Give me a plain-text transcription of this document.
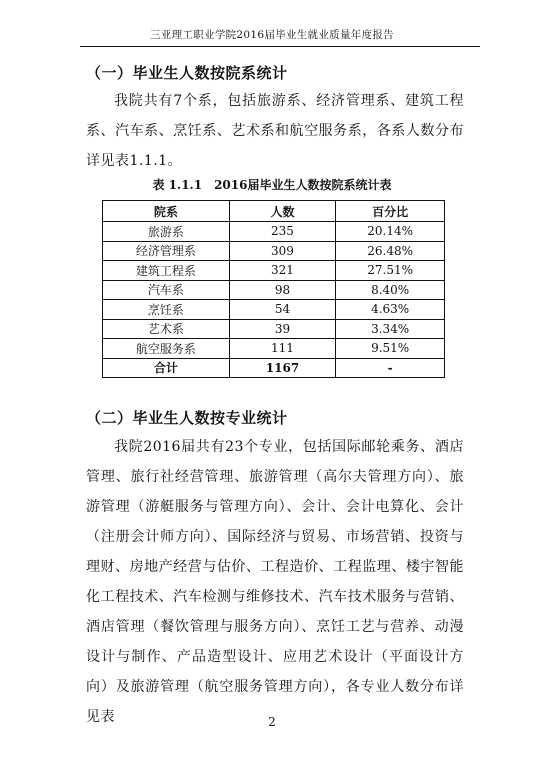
三亚理工职业学院2016届毕业生就业质量年度报告
（一）毕业生人数按院系统计

我院共有7个系，包括旅游系、经济管理系、建筑工程系、汽车系、烹饪系、艺术系和航空服务系，各系人数分布详见表1.1.1。

表 1.1.1　2016届毕业生人数按院系统计表
院系	人数	百分比
旅游系	235	20.14%
经济管理系	309	26.48%
建筑工程系	321	27.51%
汽车系	98	8.40%
烹饪系	54	4.63%
艺术系	39	3.34%
航空服务系	111	9.51%
合计	1167	-
（二）毕业生人数按专业统计

我院2016届共有23个专业，包括国际邮轮乘务、酒店管理、旅行社经营管理、旅游管理（高尔夫管理方向）、旅游管理（游艇服务与管理方向）、会计、会计电算化、会计（注册会计师方向）、国际经济与贸易、市场营销、投资与理财、房地产经营与估价、工程造价、工程监理、楼宇智能化工程技术、汽车检测与维修技术、汽车技术服务与营销、酒店管理（餐饮管理与服务方向）、烹饪工艺与营养、动漫设计与制作、产品造型设计、应用艺术设计（平面设计方向）及旅游管理（航空服务管理方向），各专业人数分布详见表	2
